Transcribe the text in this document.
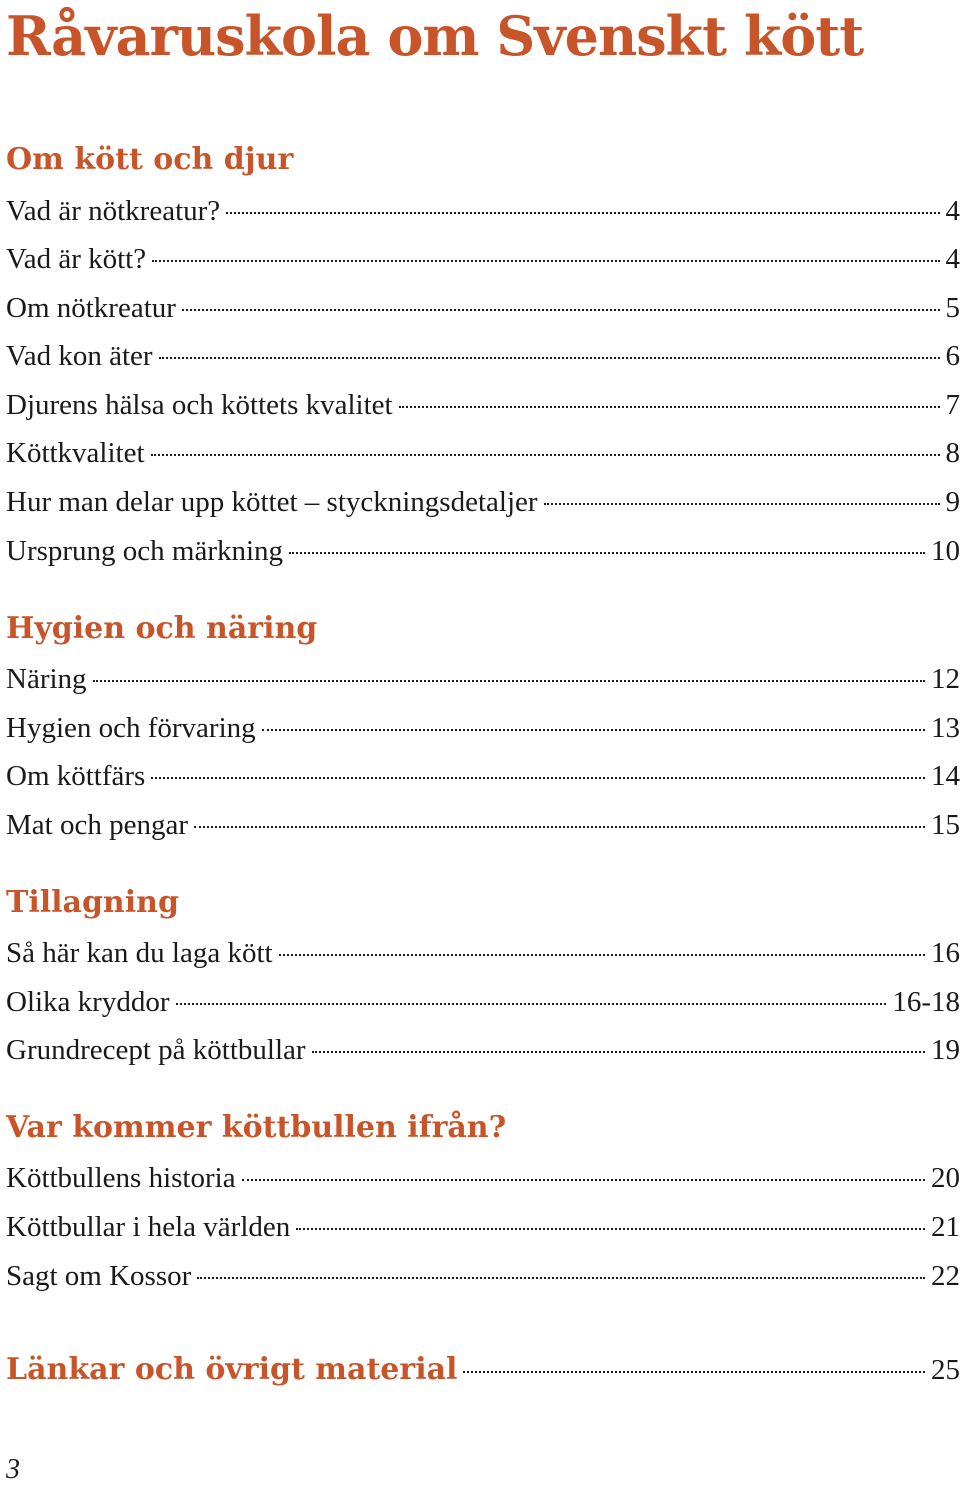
Råvaruskola om Svenskt kött
Om kött och djur
Vad är nötkreatur?	4
Vad är kött?	4
Om nötkreatur	5
Vad kon äter	6
Djurens hälsa och köttets kvalitet	7
Köttkvalitet	8
Hur man delar upp köttet – styckningsdetaljer	9
Ursprung och märkning	10
Hygien och näring
Näring	12
Hygien och förvaring	13
Om köttfärs	14
Mat och pengar	15
Tillagning
Så här kan du laga kött	16
Olika kryddor	16-18
Grundrecept på köttbullar	19
Var kommer köttbullen ifrån?
Köttbullens historia	20
Köttbullar i hela världen	21
Sagt om Kossor	22
Länkar och övrigt material	25
3
